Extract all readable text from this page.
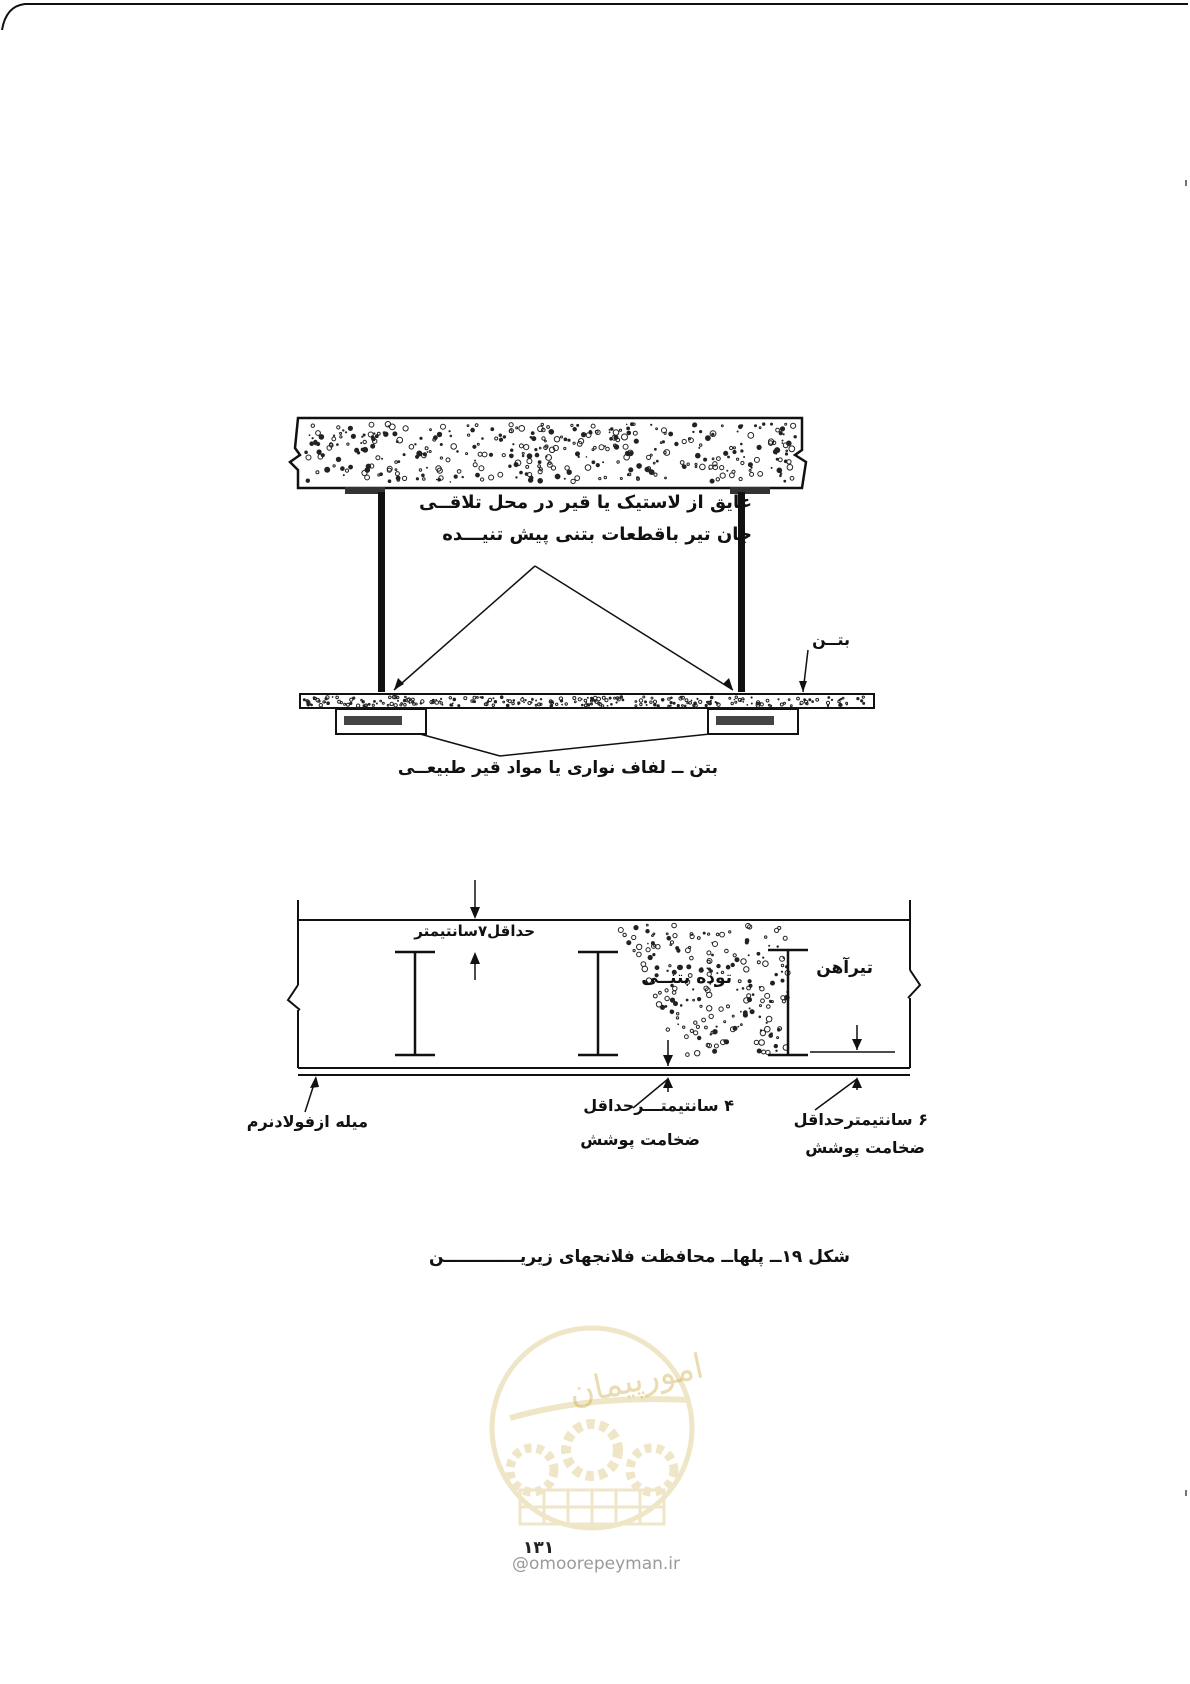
عایق از لاستیک یا قیر در محل تلاقــی
جان تیر باقطعات بتنی پیش تنیـــده
بتــن
بتن ــ لفاف نواری یا مواد قیر طبیعــی
حداقل۷سانتیمتر
توده بتنــی	تیرآهن
میله ازفولادنرم
۴ سانتیمتـــرحداقل
ضخامت پوشش
۶ سانتیمترحداقل
ضخامت پوشش
شکل ۱۹ــ پلهاــ محافظت فلانجهای زیریـــــــــــــن
امورپیمان
۱۳۱
@omoorepeyman.ir
